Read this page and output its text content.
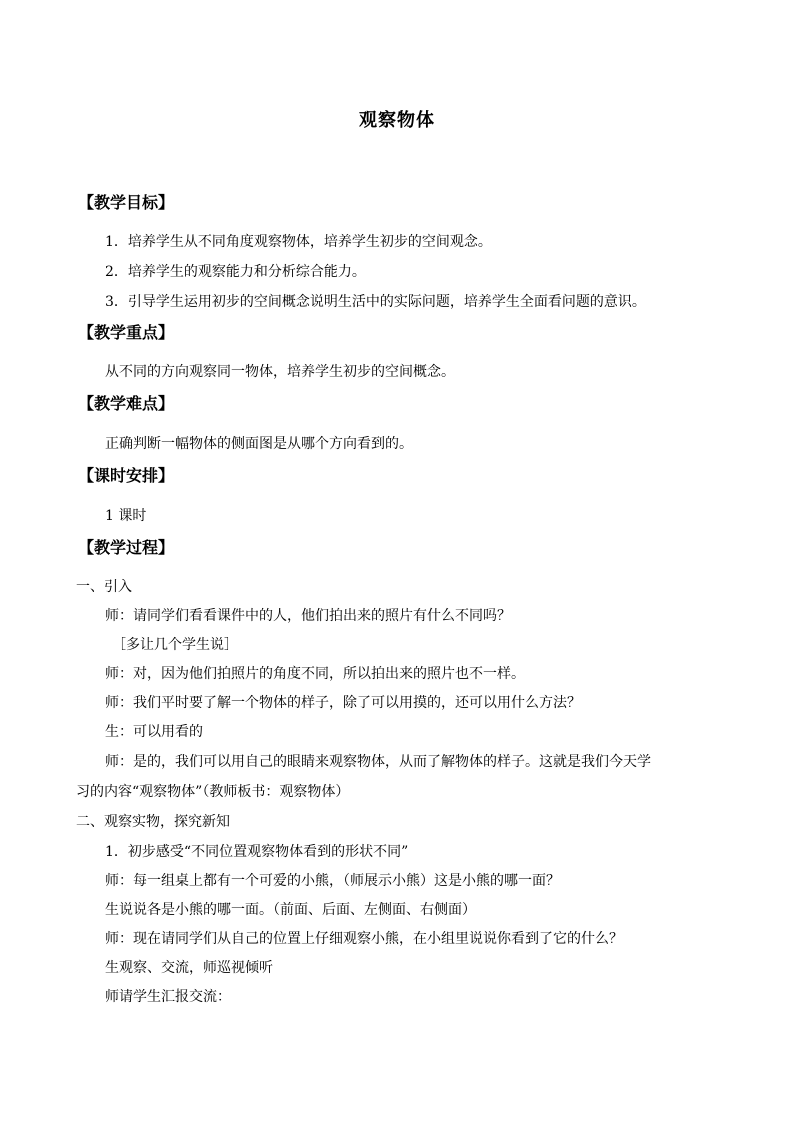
观察物体
【教学目标】
1．培养学生从不同角度观察物体，培养学生初步的空间观念。
2．培养学生的观察能力和分析综合能力。
3．引导学生运用初步的空间概念说明生活中的实际问题，培养学生全面看问题的意识。
【教学重点】
从不同的方向观察同一物体，培养学生初步的空间概念。
【教学难点】
正确判断一幅物体的侧面图是从哪个方向看到的。
【课时安排】
1 课时
【教学过程】
一、引入
师：请同学们看看课件中的人，他们拍出来的照片有什么不同吗？
［多让几个学生说］
师：对，因为他们拍照片的角度不同，所以拍出来的照片也不一样。
师：我们平时要了解一个物体的样子，除了可以用摸的，还可以用什么方法？
生：可以用看的
师：是的，我们可以用自己的眼睛来观察物体，从而了解物体的样子。这就是我们今天学
习的内容“观察物体”（教师板书：观察物体）
二、观察实物，探究新知
1．初步感受“不同位置观察物体看到的形状不同”
师：每一组桌上都有一个可爱的小熊，（师展示小熊）这是小熊的哪一面？
生说说各是小熊的哪一面。（前面、后面、左侧面、右侧面）
师：现在请同学们从自己的位置上仔细观察小熊，在小组里说说你看到了它的什么？
生观察、交流，师巡视倾听
师请学生汇报交流：
